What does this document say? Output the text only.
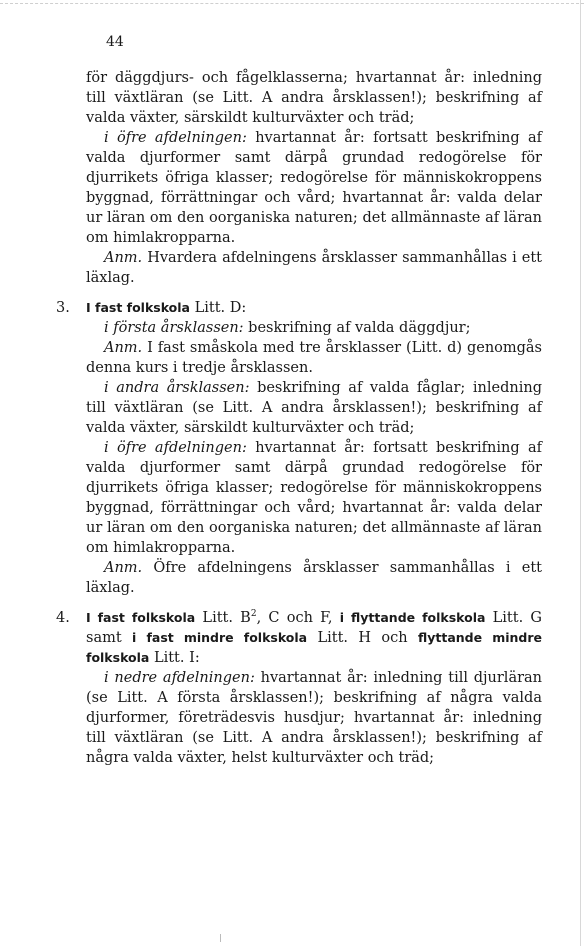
44

för däggdjurs- och fågelklasserna; hvartannat år: inledning till växtläran (se Litt. A andra årsklassen!); beskrifning af valda växter, särskildt kulturväxter och träd;

i öfre afdelningen: hvartannat år: fortsatt beskrifning af valda djurformer samt därpå grundad redogörelse för djurrikets öfriga klasser; redogörelse för människokroppens byggnad, förrättningar och vård; hvartannat år: valda delar ur läran om den oorganiska naturen; det allmännaste af läran om himlakropparna.

Anm. Hvardera afdelningens årsklasser sammanhållas i ett läxlag.

3.	I fast folkskola Litt. D:

i första årsklassen: beskrifning af valda däggdjur;

Anm. I fast småskola med tre årsklasser (Litt. d) genomgås denna kurs i tredje årsklassen.

i andra årsklassen: beskrifning af valda fåglar; inledning till växtläran (se Litt. A andra årsklassen!); beskrifning af valda växter, särskildt kulturväxter och träd;

i öfre afdelningen: hvartannat år: fortsatt beskrifning af valda djurformer samt därpå grundad redogörelse för djurrikets öfriga klasser; redogörelse för människokroppens byggnad, förrättningar och vård; hvartannat år: valda delar ur läran om den oorganiska naturen; det allmännaste af läran om himlakropparna.

Anm. Öfre afdelningens årsklasser sammanhållas i ett läxlag.

4.	I fast folkskola Litt. $B^2$, C och F, i flyttande folkskola Litt. G samt i fast mindre folkskola Litt. H och flyttande mindre folkskola Litt. I:

i nedre afdelningen: hvartannat år: inledning till djurläran (se Litt. A första årsklassen!); beskrifning af några valda djurformer, företrädesvis husdjur; hvartannat år: inledning till växtläran (se Litt. A andra årsklassen!); beskrifning af några valda växter, helst kulturväxter och träd;
